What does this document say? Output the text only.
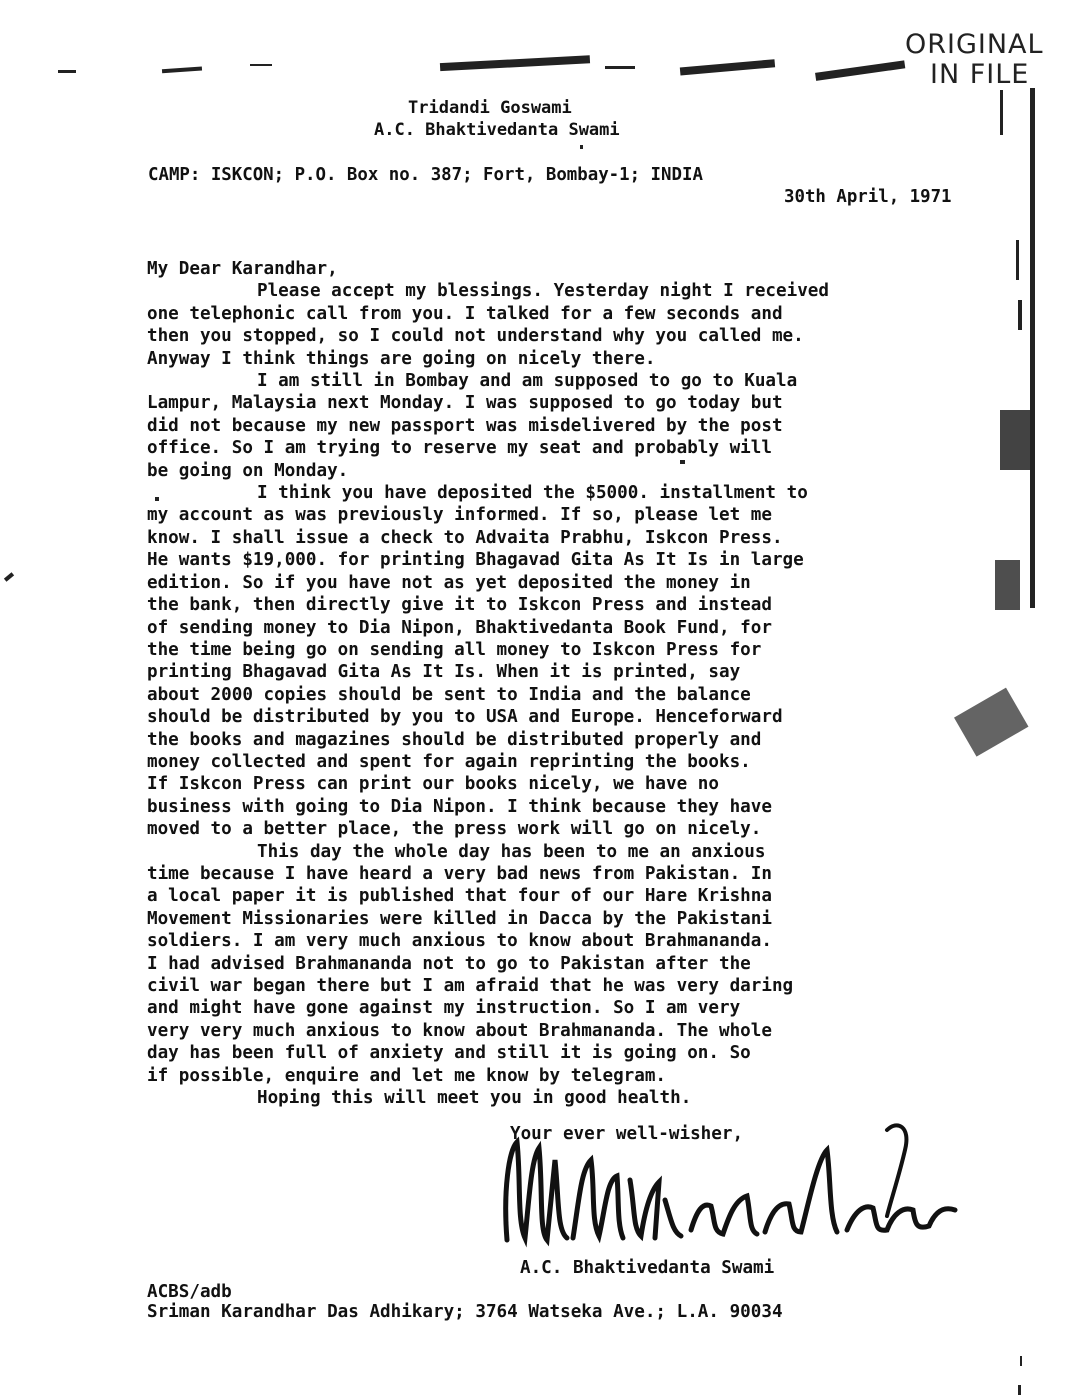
ORIGINAL
IN FILE
Tridandi Goswami
A.C. Bhaktivedanta Swami
CAMP: ISKCON; P.O. Box no. 387; Fort, Bombay-1; INDIA
30th April, 1971

My Dear Karandhar,

Please accept my blessings. Yesterday night I received

one telephonic call from you. I talked for a few seconds and

then you stopped, so I could not understand why you called me.

Anyway I think things are going on nicely there.

I am still in Bombay and am supposed to go to Kuala

Lampur, Malaysia next Monday. I was supposed to go today but

did not because my new passport was misdelivered by the post

office. So I am trying to reserve my seat and probably will

be going on Monday.

I think you have deposited the $5000. installment to

my account as was previously informed. If so, please let me

know. I shall issue a check to Advaita Prabhu, Iskcon Press.

He wants $19,000. for printing Bhagavad Gita As It Is in large

edition. So if you have not as yet deposited the money in

the bank, then directly give it to Iskcon Press and instead

of sending money to Dia Nipon, Bhaktivedanta Book Fund, for

the time being go on sending all money to Iskcon Press for

printing Bhagavad Gita As It Is. When it is printed, say

about 2000 copies should be sent to India and the balance

should be distributed by you to USA and Europe. Henceforward

the books and magazines should be distributed properly and

money collected and spent for again reprinting the books.

If Iskcon Press can print our books nicely, we have no

business with going to Dia Nipon. I think because they have

moved to a better place, the press work will go on nicely.

This day the whole day has been to me an anxious

time because I have heard a very bad news from Pakistan. In

a local paper it is published that four of our Hare Krishna

Movement Missionaries were killed in Dacca by the Pakistani

soldiers. I am very much anxious to know about Brahmananda.

I had advised Brahmananda not to go to Pakistan after the

civil war began there but I am afraid that he was very daring

and might have gone against my instruction. So I am very

very very much anxious to know about Brahmananda. The whole

day has been full of anxiety and still it is going on. So

if possible, enquire and let me know by telegram.

Hoping this will meet you in good health.

Your ever well-wisher,
A.C. Bhaktivedanta Swami
ACBS/adb
Sriman Karandhar Das Adhikary; 3764 Watseka Ave.; L.A. 90034
